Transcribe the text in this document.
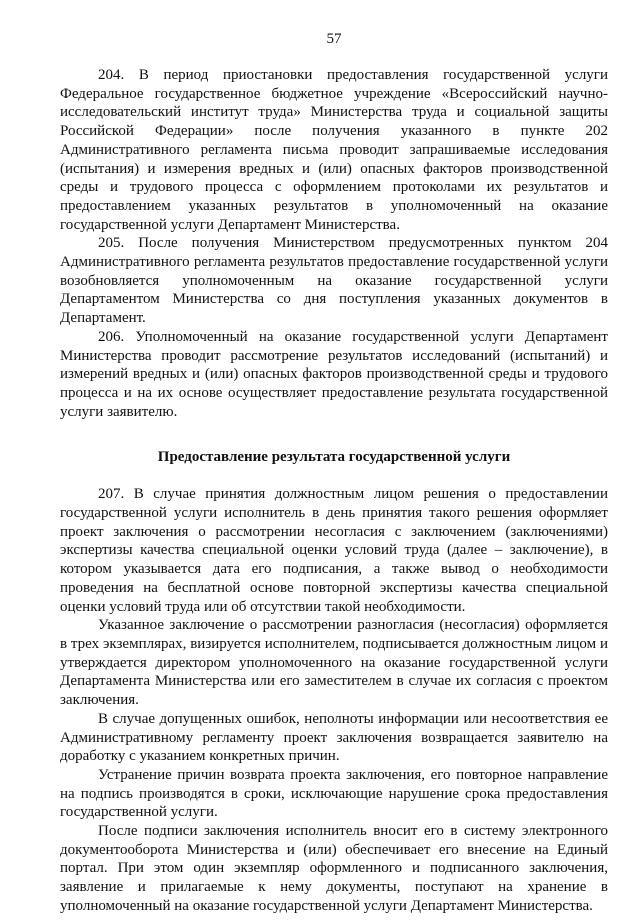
57

204. В период приостановки предоставления государственной услуги Федеральное государственное бюджетное учреждение «Всероссийский научно-исследовательский институт труда» Министерства труда и социальной защиты Российской Федерации» после получения указанного в пункте 202 Административного регламента письма проводит запрашиваемые исследования (испытания) и измерения вредных и (или) опасных факторов производственной среды и трудового процесса с оформлением протоколами их результатов и предоставлением указанных результатов в уполномоченный на оказание государственной услуги Департамент Министерства.

205. После получения Министерством предусмотренных пунктом 204 Административного регламента результатов предоставление государственной услуги возобновляется уполномоченным на оказание государственной услуги Департаментом Министерства со дня поступления указанных документов в Департамент.

206. Уполномоченный на оказание государственной услуги Департамент Министерства проводит рассмотрение результатов исследований (испытаний) и измерений вредных и (или) опасных факторов производственной среды и трудового процесса и на их основе осуществляет предоставление результата государственной услуги заявителю.

Предоставление результата государственной услуги

207. В случае принятия должностным лицом решения о предоставлении государственной услуги исполнитель в день принятия такого решения оформляет проект заключения о рассмотрении несогласия с заключением (заключениями) экспертизы качества специальной оценки условий труда (далее – заключение), в котором указывается дата его подписания, а также вывод о необходимости проведения на бесплатной основе повторной экспертизы качества специальной оценки условий труда или об отсутствии такой необходимости.

Указанное заключение о рассмотрении разногласия (несогласия) оформляется в трех экземплярах, визируется исполнителем, подписывается должностным лицом и утверждается директором уполномоченного на оказание государственной услуги Департамента Министерства или его заместителем в случае их согласия с проектом заключения.

В случае допущенных ошибок, неполноты информации или несоответствия ее Административному регламенту проект заключения возвращается заявителю на доработку с указанием конкретных причин.

Устранение причин возврата проекта заключения, его повторное направление на подпись производятся в сроки, исключающие нарушение срока предоставления государственной услуги.

После подписи заключения исполнитель вносит его в систему электронного документооборота Министерства и (или) обеспечивает его внесение на Единый портал. При этом один экземпляр оформленного и подписанного заключения, заявление и прилагаемые к нему документы, поступают на хранение в уполномоченный на оказание государственной услуги Департамент Министерства.
